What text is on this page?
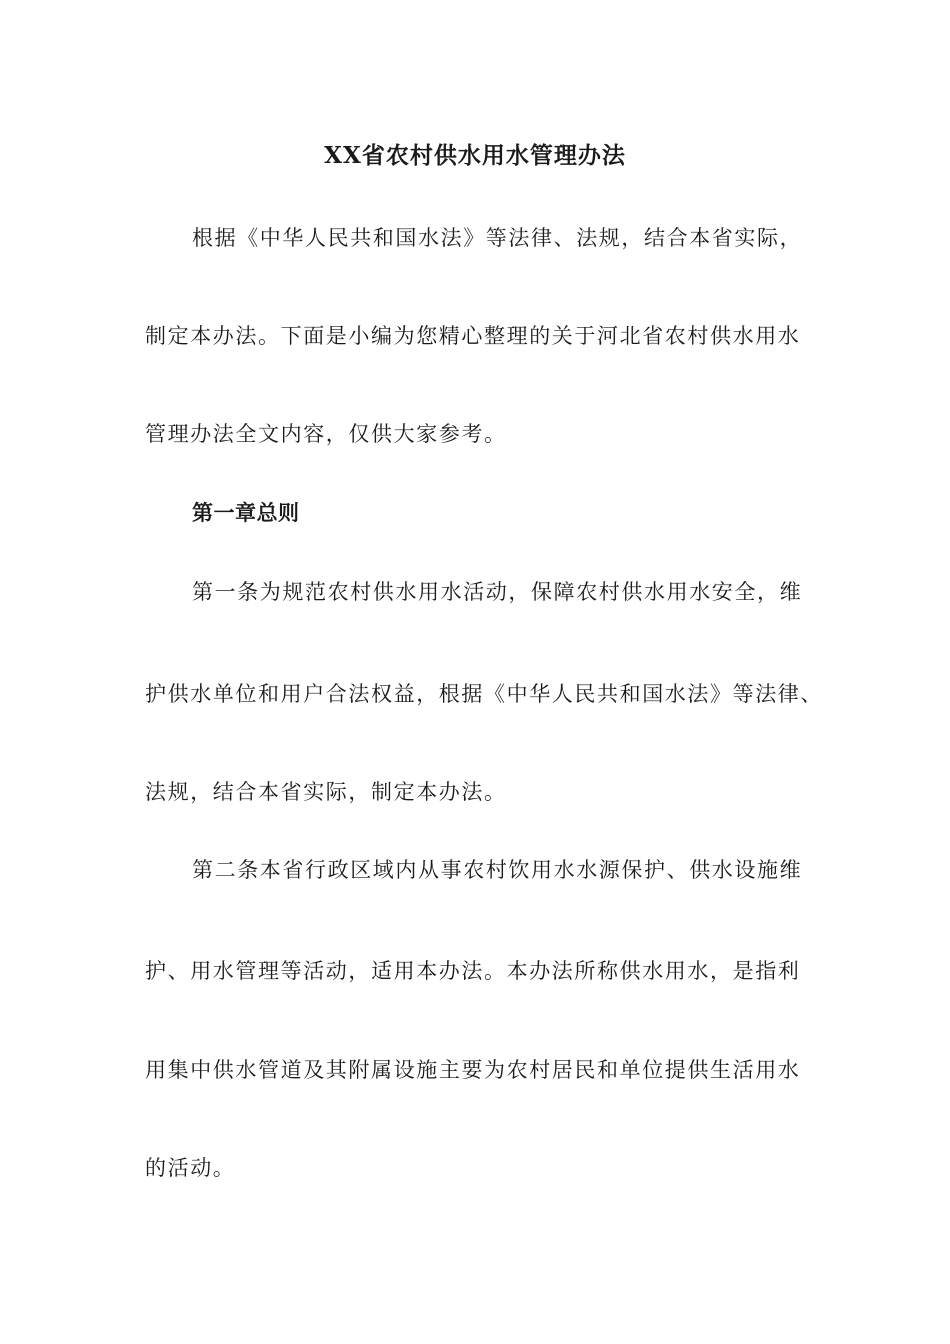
XX省农村供水用水管理办法
根据《中华人民共和国水法》等法律、法规，结合本省实际，
制定本办法。下面是小编为您精心整理的关于河北省农村供水用水
管理办法全文内容，仅供大家参考。
第一章总则
第一条为规范农村供水用水活动，保障农村供水用水安全，维
护供水单位和用户合法权益，根据《中华人民共和国水法》等法律、
法规，结合本省实际，制定本办法。
第二条本省行政区域内从事农村饮用水水源保护、供水设施维
护、用水管理等活动，适用本办法。本办法所称供水用水，是指利
用集中供水管道及其附属设施主要为农村居民和单位提供生活用水
的活动。
